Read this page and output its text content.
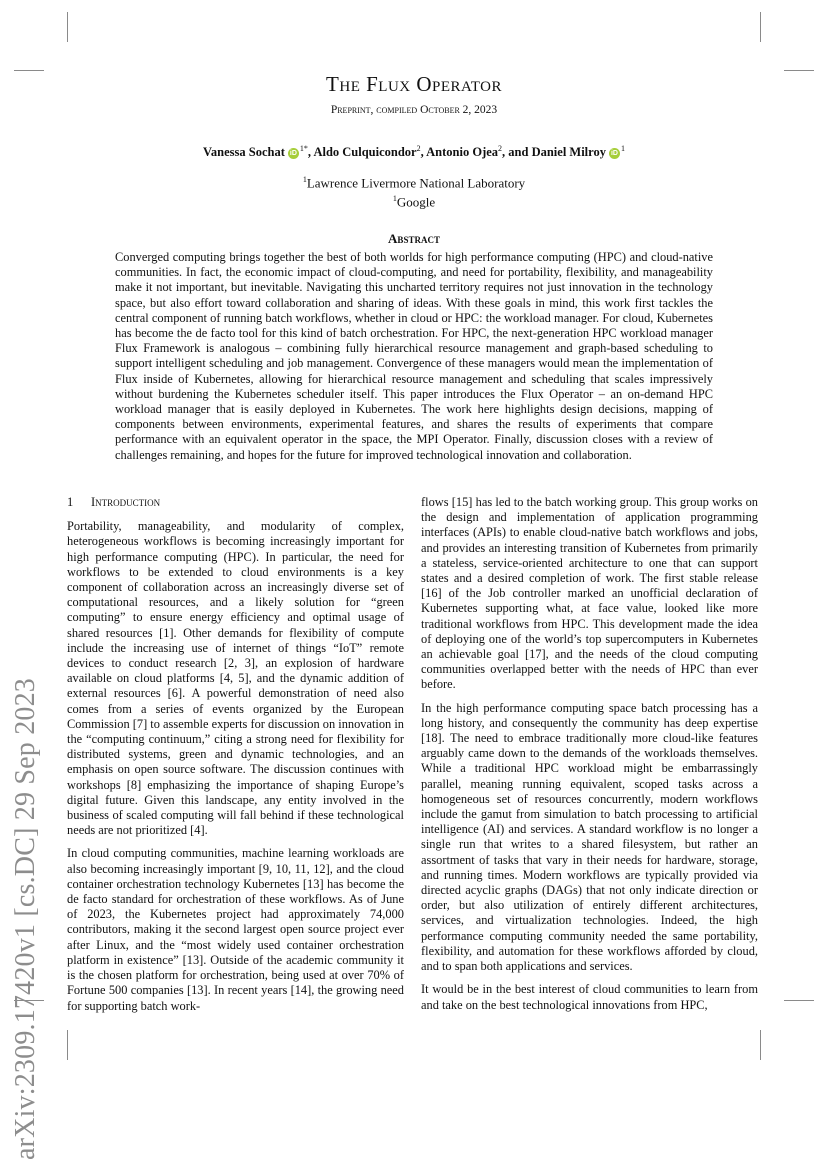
arXiv:2309.17420v1 [cs.DC] 29 Sep 2023
The Flux Operator
Preprint, compiled October 2, 2023
Vanessa Sochat $iD^{1*}$, Aldo Culquicondor$^2$, Antonio Ojea$^2$, and Daniel Milroy $iD^1$
$^1$Lawrence Livermore National Laboratory
$^1$Google
Abstract
Converged computing brings together the best of both worlds for high performance computing (HPC) and cloud-native communities. In fact, the economic impact of cloud-computing, and need for portability, flexibility, and manageability make it not important, but inevitable. Navigating this uncharted territory requires not just innovation in the technology space, but also effort toward collaboration and sharing of ideas. With these goals in mind, this work first tackles the central component of running batch workflows, whether in cloud or HPC: the workload manager. For cloud, Kubernetes has become the de facto tool for this kind of batch orchestration. For HPC, the next-generation HPC workload manager Flux Framework is analogous – combining fully hierarchical resource management and graph-based scheduling to support intelligent scheduling and job management. Convergence of these managers would mean the implementation of Flux inside of Kubernetes, allowing for hierarchical resource management and scheduling that scales impressively without burdening the Kubernetes scheduler itself. This paper introduces the Flux Operator – an on-demand HPC workload manager that is easily deployed in Kubernetes. The work here highlights design decisions, mapping of components between environments, experimental features, and shares the results of experiments that compare performance with an equivalent operator in the space, the MPI Operator. Finally, discussion closes with a review of challenges remaining, and hopes for the future for improved technological innovation and collaboration.
1 Introduction

Portability, manageability, and modularity of complex, heterogeneous workflows is becoming increasingly important for high performance computing (HPC). In particular, the need for workflows to be extended to cloud environments is a key component of collaboration across an increasingly diverse set of computational resources, and a likely solution for “green computing” to ensure energy efficiency and optimal usage of shared resources [1]. Other demands for flexibility of compute include the increasing use of internet of things “IoT” remote devices to conduct research [2, 3], an explosion of hardware available on cloud platforms [4, 5], and the dynamic addition of external resources [6]. A powerful demonstration of need also comes from a series of events organized by the European Commission [7] to assemble experts for discussion on innovation in the “computing continuum,” citing a strong need for flexibility for distributed systems, green and dynamic technologies, and an emphasis on open source software. The discussion continues with workshops [8] emphasizing the importance of shaping Europe’s digital future. Given this landscape, any entity involved in the business of scaled computing will fall behind if these technological needs are not prioritized [4].

In cloud computing communities, machine learning workloads are also becoming increasingly important [9, 10, 11, 12], and the cloud container orchestration technology Kubernetes [13] has become the de facto standard for orchestration of these workflows. As of June of 2023, the Kubernetes project had approximately 74,000 contributors, making it the second largest open source project ever after Linux, and the “most widely used container orchestration platform in existence” [13]. Outside of the academic community it is the chosen platform for orchestration, being used at over 70% of Fortune 500 companies [13]. In recent years [14], the growing need for supporting batch work-

flows [15] has led to the batch working group. This group works on the design and implementation of application programming interfaces (APIs) to enable cloud-native batch workflows and jobs, and provides an interesting transition of Kubernetes from primarily a stateless, service-oriented architecture to one that can support states and a desired completion of work. The first stable release [16] of the Job controller marked an unofficial declaration of Kubernetes supporting what, at face value, looked like more traditional workflows from HPC. This development made the idea of deploying one of the world’s top supercomputers in Kubernetes an achievable goal [17], and the needs of the cloud computing communities overlapped better with the needs of HPC than ever before.

In the high performance computing space batch processing has a long history, and consequently the community has deep expertise [18]. The need to embrace traditionally more cloud-like features arguably came down to the demands of the workloads themselves. While a traditional HPC workload might be embarrassingly parallel, meaning running equivalent, scoped tasks across a homogeneous set of resources concurrently, modern workflows include the gamut from simulation to batch processing to artificial intelligence (AI) and services. A standard workflow is no longer a single run that writes to a shared filesystem, but rather an assortment of tasks that vary in their needs for hardware, storage, and running times. Modern workflows are typically provided via directed acyclic graphs (DAGs) that not only indicate direction or order, but also utilization of entirely different architectures, services, and virtualization technologies. Indeed, the high performance computing community needed the same portability, flexibility, and automation for these workflows afforded by cloud, and to span both applications and services.

It would be in the best interest of cloud communities to learn from and take on the best technological innovations from HPC,
